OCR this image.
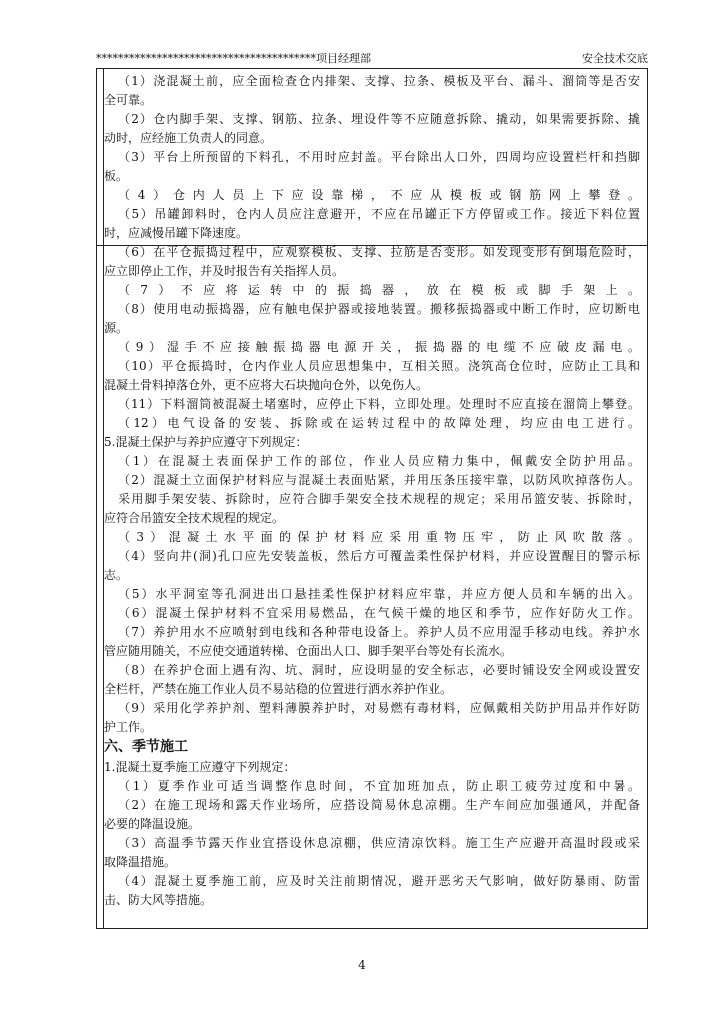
****************************************项目经理部	安全技术交底
（1）浇混凝土前，应全面检查仓内排架、支撑、拉条、模板及平台、漏斗、溜筒等是否安
全可靠。
（2）仓内脚手架、支撑、钢筋、拉条、埋设件等不应随意拆除、撬动，如果需要拆除、撬
动时，应经施工负责人的同意。
（3）平台上所预留的下料孔，不用时应封盖。平台除出人口外，四周均应设置栏杆和挡脚
板。
（4）仓内人员上下应设靠梯，不应从模板或钢筋网上攀登。
（5）吊罐卸料时，仓内人员应注意避开，不应在吊罐正下方停留或工作。接近下料位置
时，应减慢吊罐下降速度。
（6）在平仓振捣过程中，应观察模板、支撑、拉筋是否变形。如发现变形有倒塌危险时，
应立即停止工作，并及时报告有关指挥人员。
（7）不应将运转中的振捣器，放在模板或脚手架上。
（8）使用电动振捣器，应有触电保护器或接地装置。搬移振捣器或中断工作时，应切断电
源。
（9）湿手不应接触振捣器电源开关，振捣器的电缆不应破皮漏电。
（10）平仓振捣时，仓内作业人员应思想集中，互相关照。浇筑高仓位时，应防止工具和
混凝土骨料掉落仓外，更不应将大石块抛向仓外，以免伤人。
（11）下料溜筒被混凝土堵塞时，应停止下料，立即处理。处理时不应直接在溜筒上攀登。
（12）电气设备的安装、拆除或在运转过程中的故障处理，均应由电工进行。
5.混凝土保护与养护应遵守下列规定：
（1）在混凝土表面保护工作的部位，作业人员应精力集中，佩戴安全防护用品。
（2）混凝土立面保护材料应与混凝土表面贴紧，并用压条压接牢靠，以防风吹掉落伤人。
采用脚手架安装、拆除时，应符合脚手架安全技术规程的规定；采用吊篮安装、拆除时，
应符合吊篮安全技术规程的规定。
（3）混凝土水平面的保护材料应采用重物压牢，防止风吹散落。
（4）竖向井(洞)孔口应先安装盖板，然后方可覆盖柔性保护材料，并应设置醒目的警示标
志。
（5）水平洞室等孔洞进出口悬挂柔性保护材料应牢靠，并应方便人员和车辆的出入。
（6）混凝土保护材料不宜采用易燃品，在气候干燥的地区和季节，应作好防火工作。
（7）养护用水不应喷射到电线和各种带电设备上。养护人员不应用湿手移动电线。养护水
管应随用随关，不应使交通道转梯、仓面出人口、脚手架平台等处有长流水。
（8）在养护仓面上遇有沟、坑、洞时，应设明显的安全标志，必要时铺设安全网或设置安
全栏杆，严禁在施工作业人员不易站稳的位置进行洒水养护作业。
（9）采用化学养护剂、塑料薄膜养护时，对易燃有毒材料，应佩戴相关防护用品并作好防
护工作。
六、季节施工
1.混凝土夏季施工应遵守下列规定：
（1）夏季作业可适当调整作息时间，不宜加班加点，防止职工疲劳过度和中暑。
（2）在施工现场和露天作业场所，应搭设简易休息凉棚。生产车间应加强通风，并配备
必要的降温设施。
（3）高温季节露天作业宜搭设休息凉棚，供应清凉饮料。施工生产应避开高温时段或采
取降温措施。
（4）混凝土夏季施工前，应及时关注前期情况，避开恶劣天气影响，做好防暴雨、防雷
击、防大风等措施。
4
